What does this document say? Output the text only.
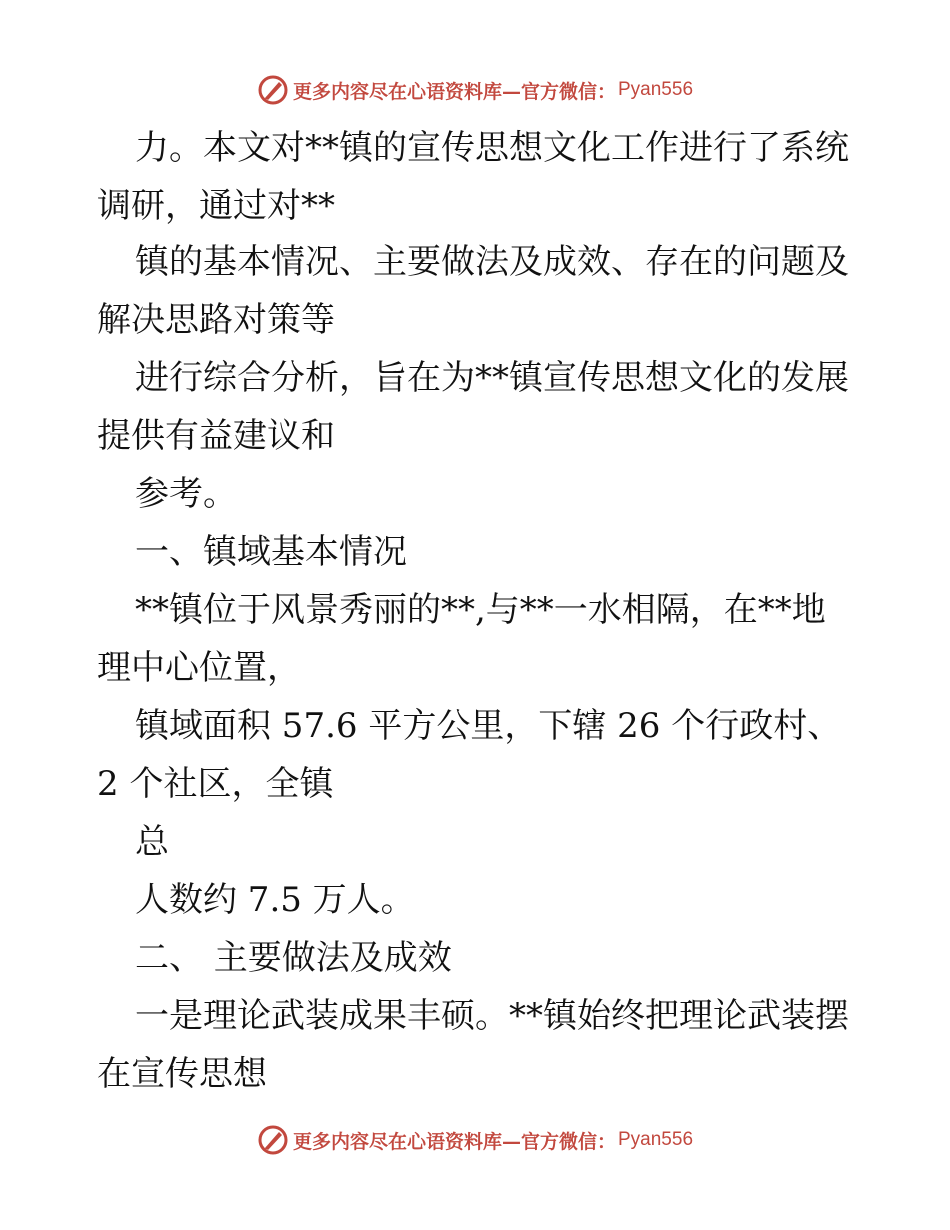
更多内容尽在心语资料库—官方微信： Pyan556
力。本文对**镇的宣传思想文化工作进行了系统
调研，通过对**
镇的基本情况、主要做法及成效、存在的问题及
解决思路对策等
进行综合分析，旨在为**镇宣传思想文化的发展
提供有益建议和
参考。
一、镇域基本情况
**镇位于风景秀丽的**,与**一水相隔，在**地
理中心位置，
镇域面积 57.6 平方公里，下辖 26 个行政村、
2 个社区，全镇
总
人数约 7.5 万人。
二、 主要做法及成效
一是理论武装成果丰硕。**镇始终把理论武装摆
在宣传思想
更多内容尽在心语资料库—官方微信： Pyan556
